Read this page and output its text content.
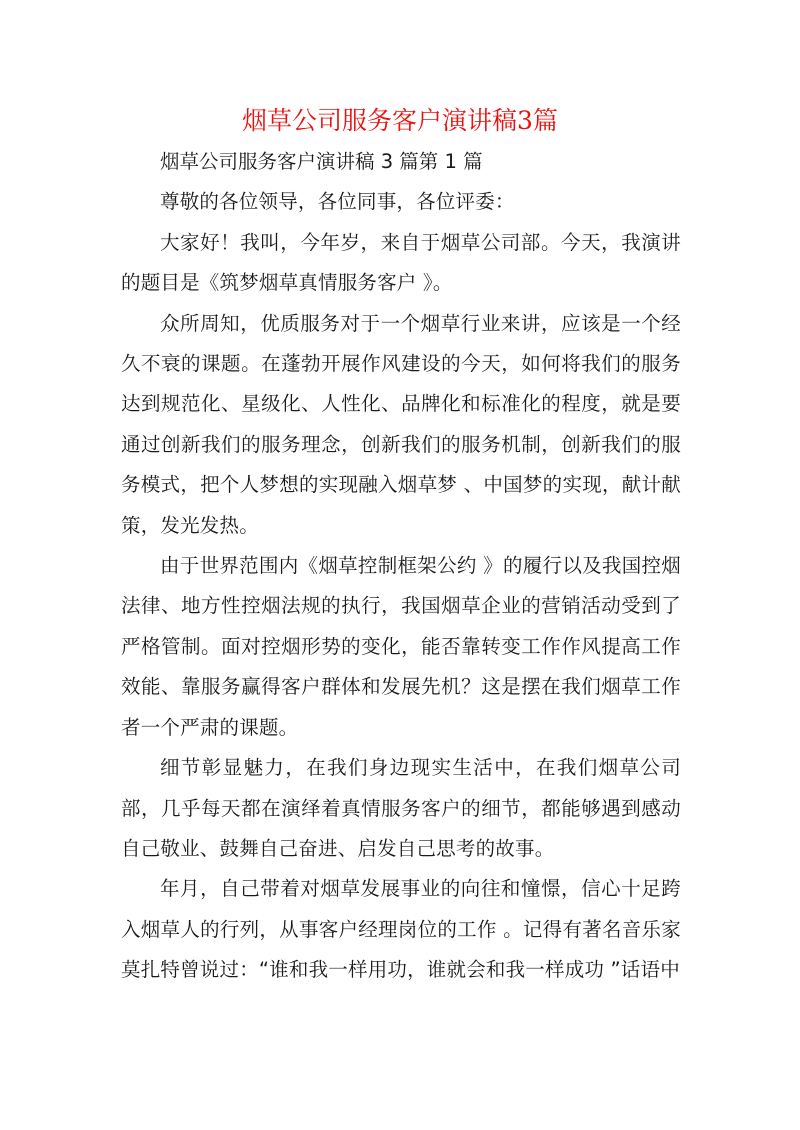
烟草公司服务客户演讲稿3篇

烟草公司服务客户演讲稿 3 篇第 1 篇

尊敬的各位领导，各位同事，各位评委：

大家好！我叫，今年岁，来自于烟草公司部。今天，我演讲的题目是《筑梦烟草真情服务客户 》。

众所周知，优质服务对于一个烟草行业来讲，应该是一个经久不衰的课题。在蓬勃开展作风建设的今天，如何将我们的服务达到规范化、星级化、人性化、品牌化和标准化的程度，就是要通过创新我们的服务理念，创新我们的服务机制，创新我们的服务模式，把个人梦想的实现融入烟草梦 、中国梦的实现，献计献策，发光发热。

由于世界范围内《烟草控制框架公约 》的履行以及我国控烟法律、地方性控烟法规的执行，我国烟草企业的营销活动受到了严格管制。面对控烟形势的变化，能否靠转变工作作风提高工作效能、靠服务赢得客户群体和发展先机？这是摆在我们烟草工作者一个严肃的课题。

细节彰显魅力，在我们身边现实生活中，在我们烟草公司部，几乎每天都在演绎着真情服务客户的细节，都能够遇到感动自己敬业、鼓舞自己奋进、启发自己思考的故事。

年月，自己带着对烟草发展事业的向往和憧憬，信心十足跨入烟草人的行列，从事客户经理岗位的工作 。记得有著名音乐家莫扎特曾说过：“谁和我一样用功，谁就会和我一样成功 ”话语中
